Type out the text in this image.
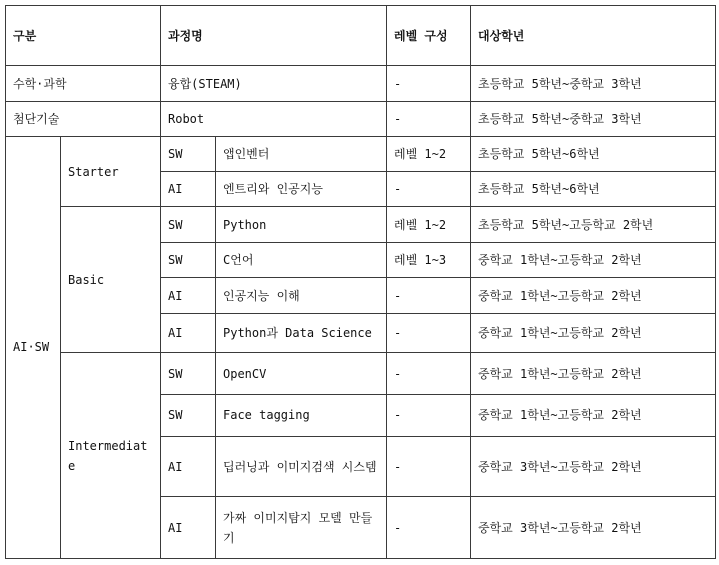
구분		과정명		레벨 구성	대상학년
수학·과학		융합(STEAM)		-	초등학교 5학년~중학교 3학년
첨단기술		Robot		-	초등학교 5학년~중학교 3학년
AI·SW	Starter	SW	앱인벤터	레벨 1~2	초등학교 5학년~6학년
		AI	엔트리와 인공지능	-	초등학교 5학년~6학년
	Basic	SW	Python	레벨 1~2	초등학교 5학년~고등학교 2학년
		SW	C언어	레벨 1~3	중학교 1학년~고등학교 2학년
		AI	인공지능 이해	-	중학교 1학년~고등학교 2학년
		AI	Python과 Data Science	-	중학교 1학년~고등학교 2학년
	Intermediate	SW	OpenCV	-	중학교 1학년~고등학교 2학년
		SW	Face tagging	-	중학교 1학년~고등학교 2학년
		AI	딥러닝과 이미지검색 시스템	-	중학교 3학년~고등학교 2학년
		AI	가짜 이미지탐지 모델 만들기	-	중학교 3학년~고등학교 2학년
